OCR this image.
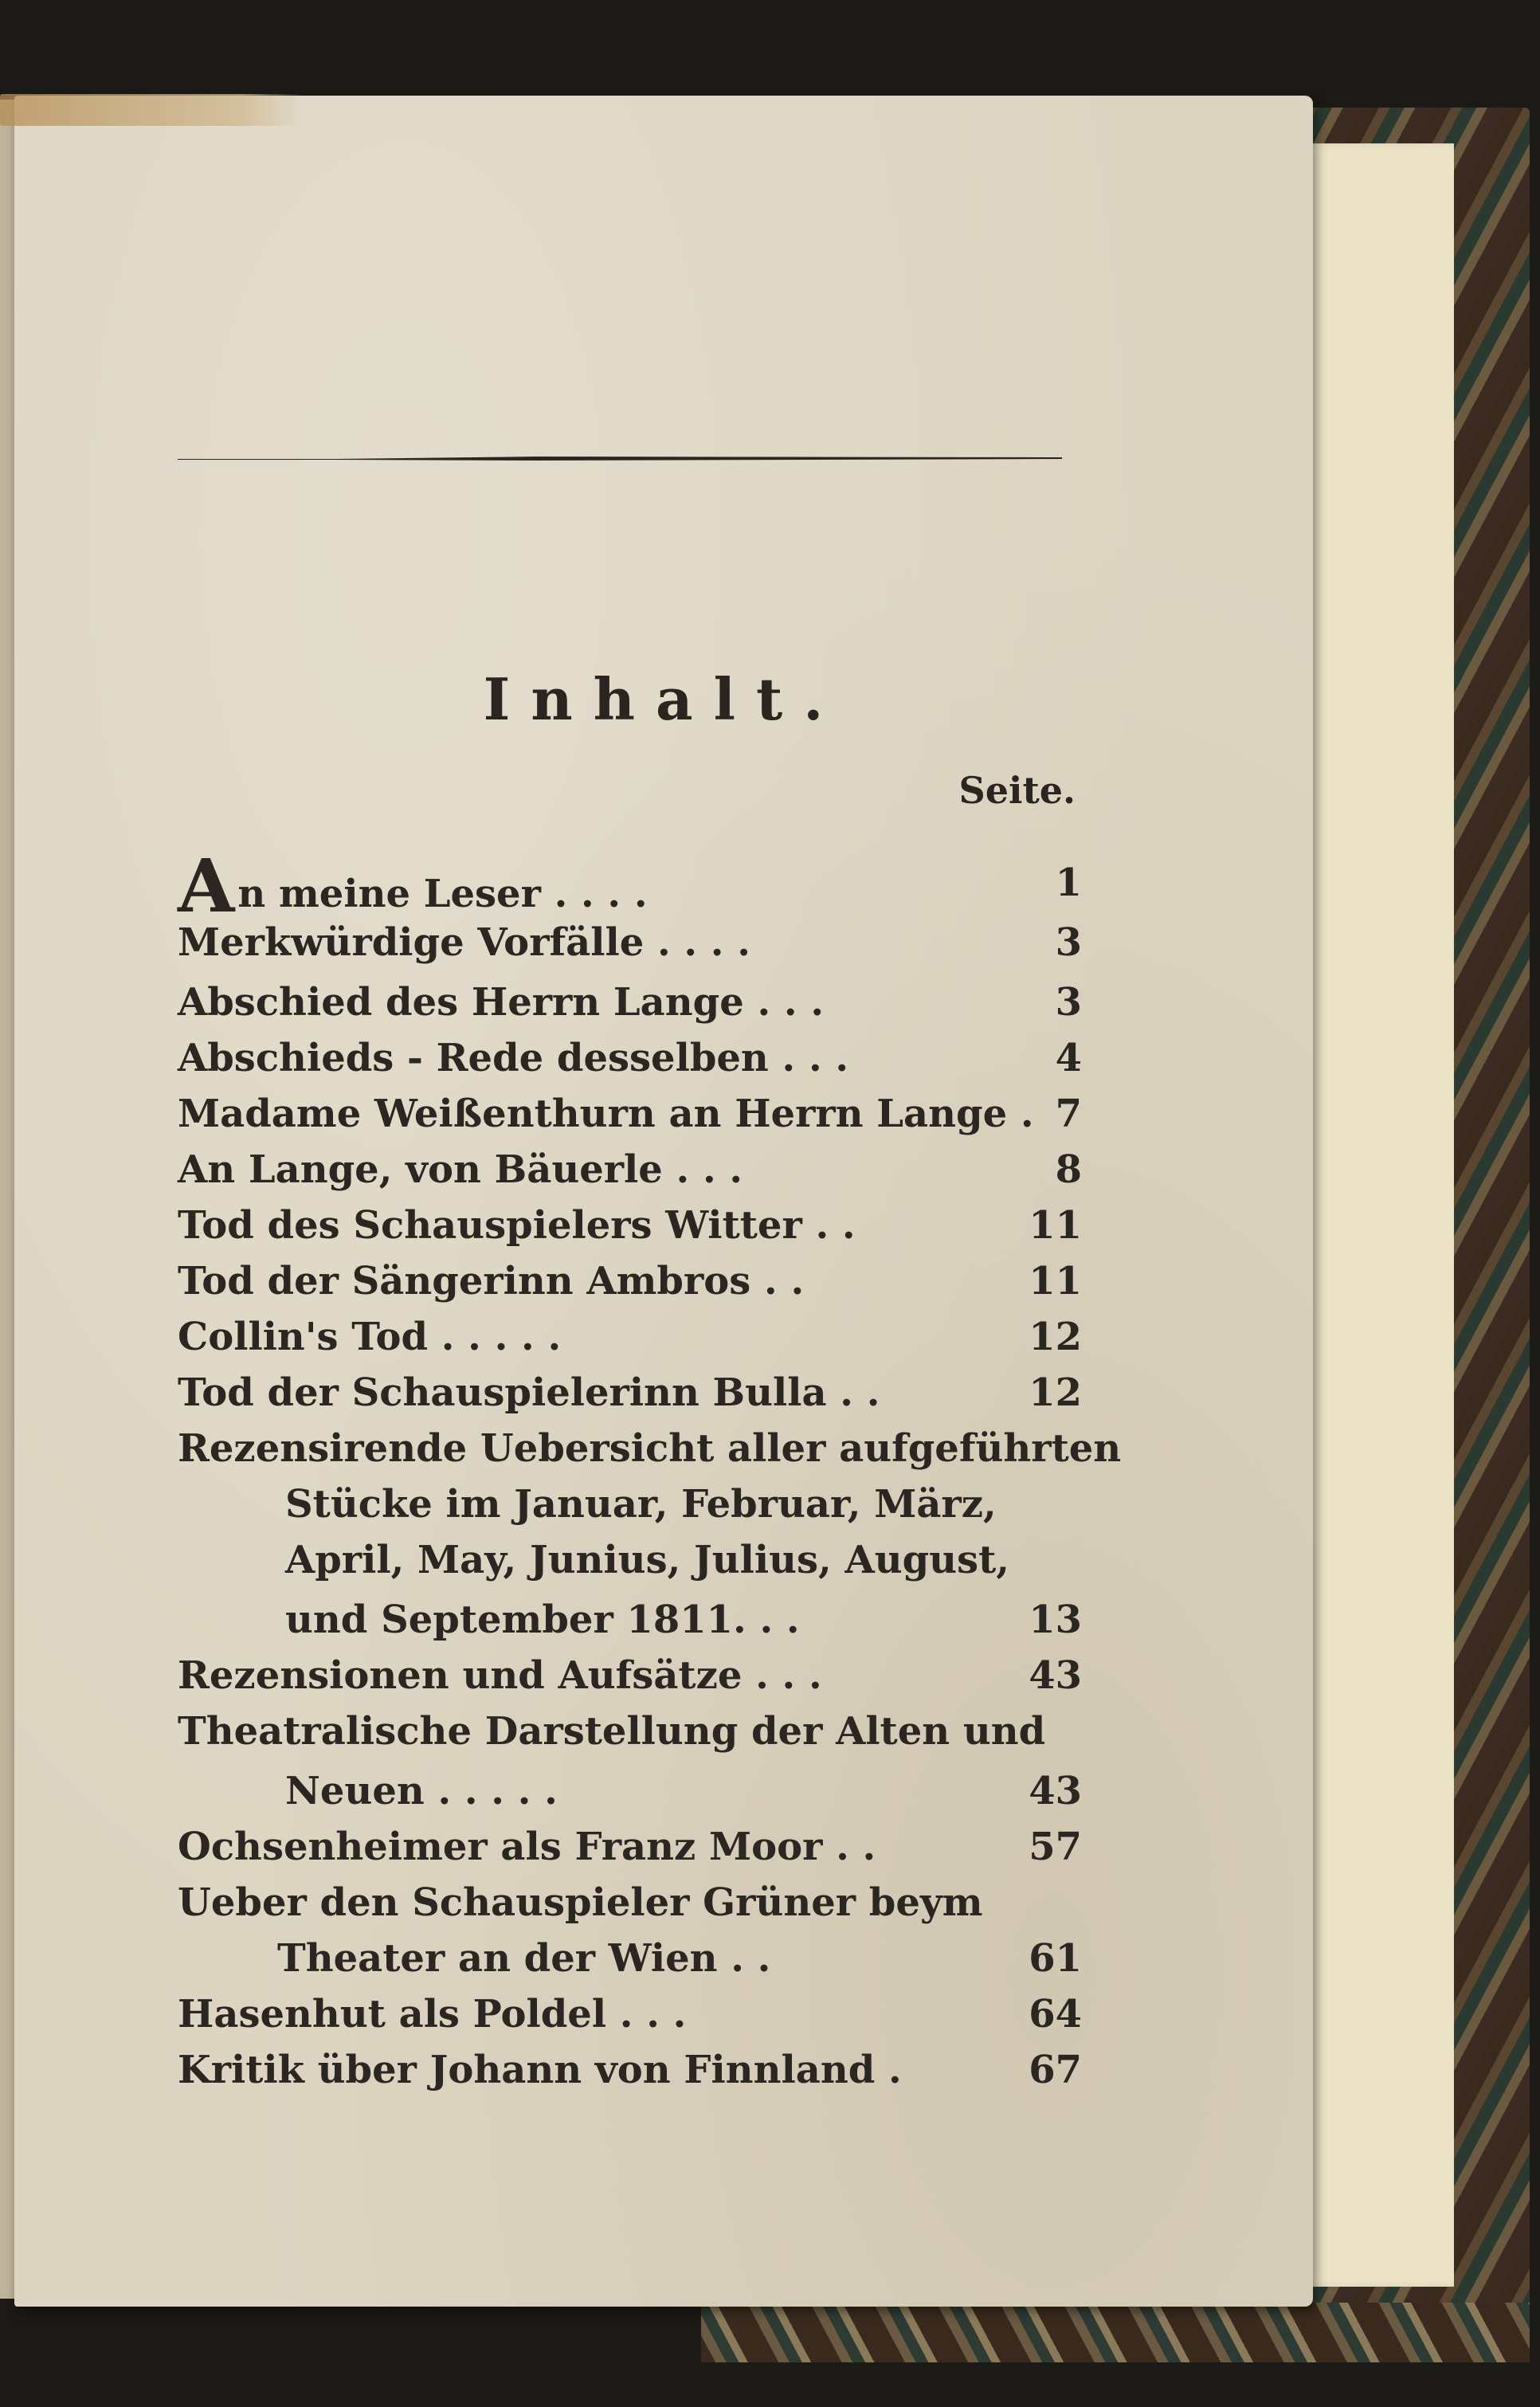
Inhalt.
Seite.
An meine Leser . . . .	1
Merkwürdige Vorfälle . . . .	3
Abschied des Herrn Lange . . .	3
Abschieds - Rede desselben . . .	4
Madame Weißenthurn an Herrn Lange . 7
An Lange, von Bäuerle . . .	8
Tod des Schauspielers Witter . .	11
Tod der Sängerinn Ambros . .	11
Collin's Tod . . . . .	12
Tod der Schauspielerinn Bulla . .	12
Rezensirende Uebersicht aller aufgeführten
Stücke im Januar, Februar, März,
April, May, Junius, Julius, August,
und September 1811. . .	13
Rezensionen und Aufsätze . . .	43
Theatralische Darstellung der Alten und
Neuen . . . . .	43
Ochsenheimer als Franz Moor . .	57
Ueber den Schauspieler Grüner beym
Theater an der Wien . .	61
Hasenhut als Poldel . . .	64
Kritik über Johann von Finnland .	67
